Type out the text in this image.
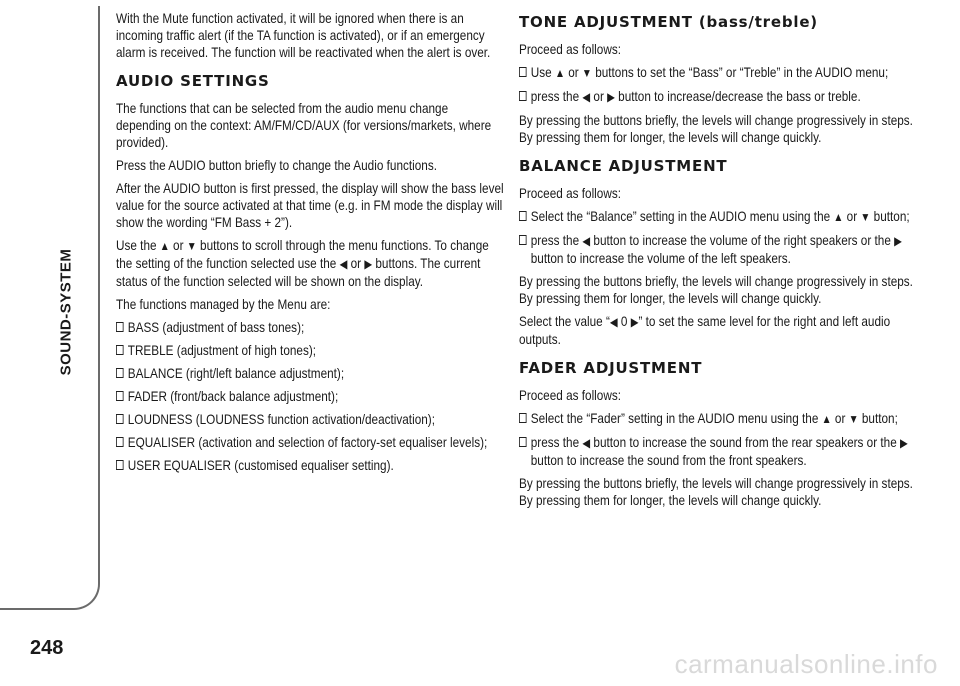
SOUND-SYSTEM
248

With the Mute function activated, it will be ignored when there is an incoming traffic alert (if the TA function is activated), or if an emergency alarm is received. The function will be reactivated when the alert is over.

AUDIO SETTINGS

The functions that can be selected from the audio menu change depending on the context: AM/FM/CD/AUX (for versions/markets, where provided).

Press the AUDIO button briefly to change the Audio functions.

After the AUDIO button is first pressed, the display will show the bass level value for the source activated at that time (e.g. in FM mode the display will show the wording “FM Bass + 2”).

Use the ▲ or ▼ buttons to scroll through the menu functions. To change the setting of the function selected use the ◀ or ▶ buttons. The current status of the function selected will be shown on the display.

The functions managed by the Menu are:

BASS (adjustment of bass tones);
TREBLE (adjustment of high tones);
BALANCE (right/left balance adjustment);
FADER (front/back balance adjustment);
LOUDNESS (LOUDNESS function activation/deactivation);
EQUALISER (activation and selection of factory-set equaliser levels);
USER EQUALISER (customised equaliser setting).
TONE ADJUSTMENT (bass/treble)

Proceed as follows:

Use ▲ or ▼ buttons to set the “Bass” or “Treble” in the AUDIO menu;
press the ◀ or ▶ button to increase/decrease the bass or treble.

By pressing the buttons briefly, the levels will change progressively in steps. By pressing them for longer, the levels will change quickly.

BALANCE ADJUSTMENT

Proceed as follows:

Select the “Balance” setting in the AUDIO menu using the ▲ or ▼ button;
press the ◀ button to increase the volume of the right speakers or the ▶ button to increase the volume of the left speakers.

By pressing the buttons briefly, the levels will change progressively in steps. By pressing them for longer, the levels will change quickly.

Select the value “◀ 0 ▶” to set the same level for the right and left audio outputs.

FADER ADJUSTMENT

Proceed as follows:

Select the “Fader” setting in the AUDIO menu using the ▲ or ▼ button;
press the ◀ button to increase the sound from the rear speakers or the ▶ button to increase the sound from the front speakers.

By pressing the buttons briefly, the levels will change progressively in steps. By pressing them for longer, the levels will change quickly.

carmanualsonline.info
